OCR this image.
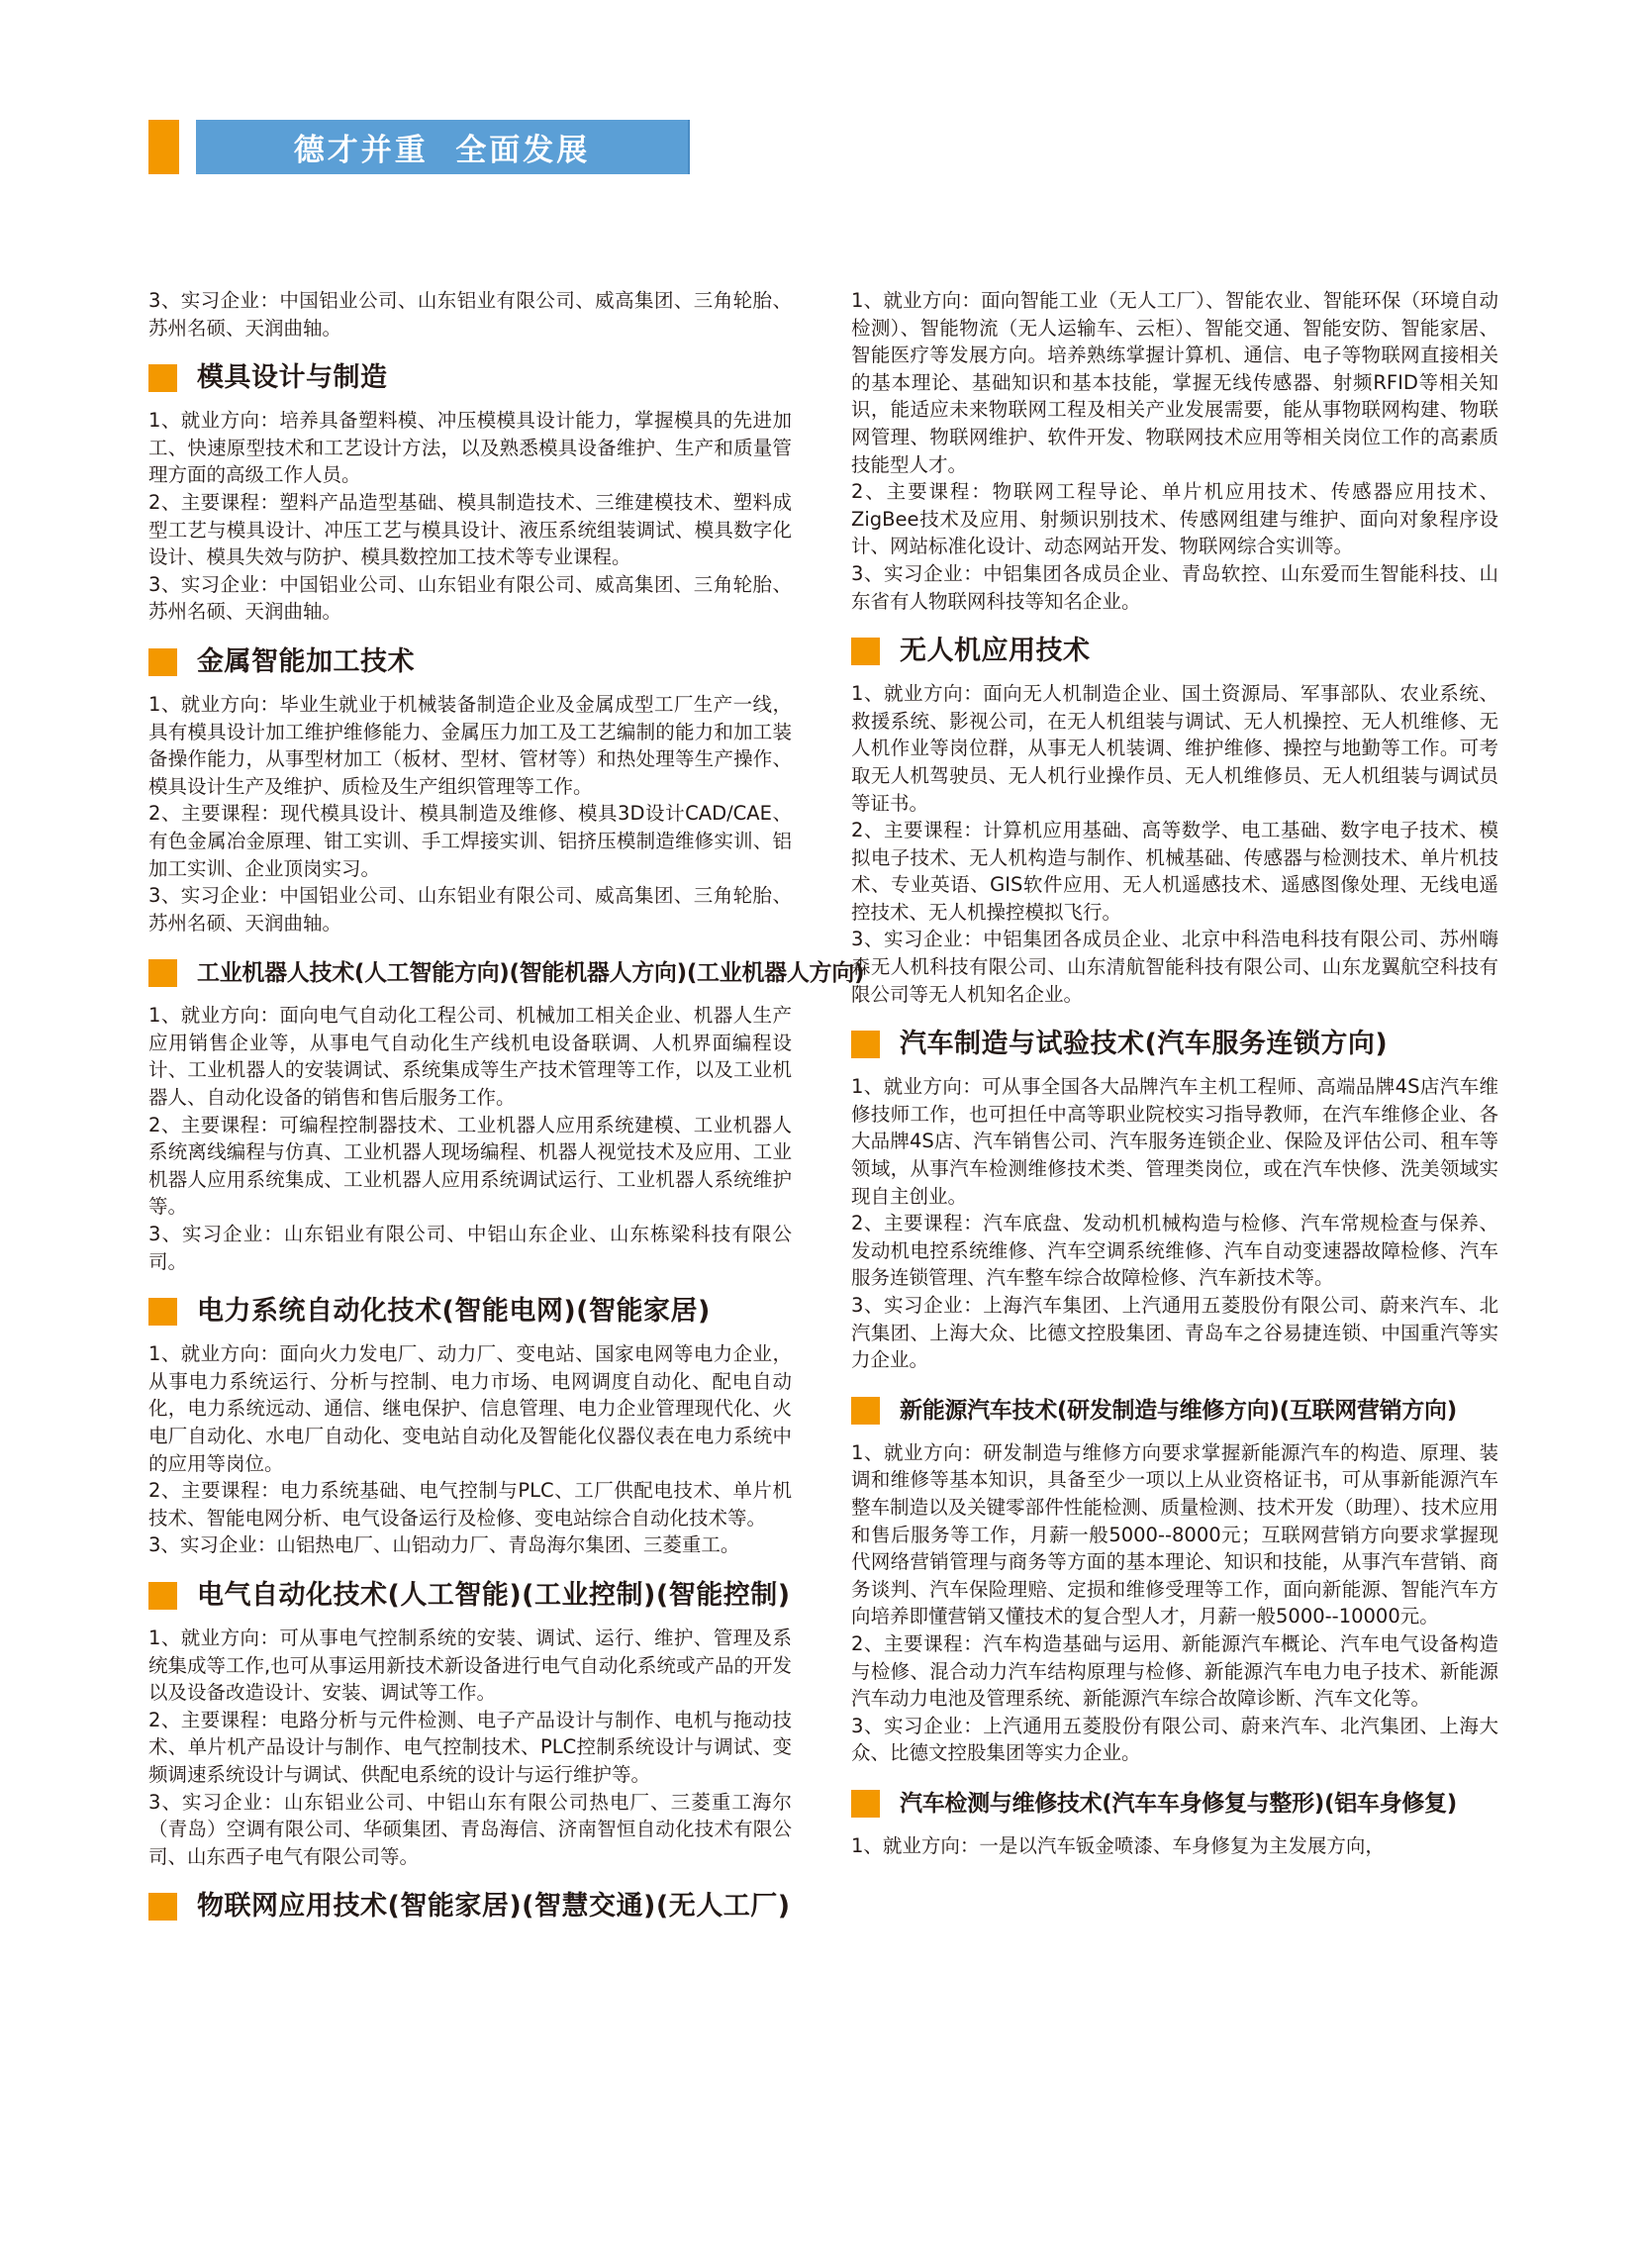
德才并重  全面发展

3、实习企业：中国铝业公司、山东铝业有限公司、威高集团、三角轮胎、苏州名硕、天润曲轴。

模具设计与制造

1、就业方向：培养具备塑料模、冲压模模具设计能力，掌握模具的先进加工、快速原型技术和工艺设计方法，以及熟悉模具设备维护、生产和质量管理方面的高级工作人员。

2、主要课程：塑料产品造型基础、模具制造技术、三维建模技术、塑料成型工艺与模具设计、冲压工艺与模具设计、液压系统组装调试、模具数字化设计、模具失效与防护、模具数控加工技术等专业课程。

3、实习企业：中国铝业公司、山东铝业有限公司、威高集团、三角轮胎、苏州名硕、天润曲轴。

金属智能加工技术

1、就业方向：毕业生就业于机械装备制造企业及金属成型工厂生产一线，具有模具设计加工维护维修能力、金属压力加工及工艺编制的能力和加工装备操作能力，从事型材加工（板材、型材、管材等）和热处理等生产操作、模具设计生产及维护、质检及生产组织管理等工作。

2、主要课程：现代模具设计、模具制造及维修、模具3D设计CAD/CAE、有色金属冶金原理、钳工实训、手工焊接实训、铝挤压模制造维修实训、铝加工实训、企业顶岗实习。

3、实习企业：中国铝业公司、山东铝业有限公司、威高集团、三角轮胎、苏州名硕、天润曲轴。

工业机器人技术(人工智能方向)(智能机器人方向)(工业机器人方向)

1、就业方向：面向电气自动化工程公司、机械加工相关企业、机器人生产应用销售企业等，从事电气自动化生产线机电设备联调、人机界面编程设计、工业机器人的安装调试、系统集成等生产技术管理等工作，以及工业机器人、自动化设备的销售和售后服务工作。

2、主要课程：可编程控制器技术、工业机器人应用系统建模、工业机器人系统离线编程与仿真、工业机器人现场编程、机器人视觉技术及应用、工业机器人应用系统集成、工业机器人应用系统调试运行、工业机器人系统维护等。

3、实习企业：山东铝业有限公司、中铝山东企业、山东栋梁科技有限公司。

电力系统自动化技术(智能电网)(智能家居)

1、就业方向：面向火力发电厂、动力厂、变电站、国家电网等电力企业，从事电力系统运行、分析与控制、电力市场、电网调度自动化、配电自动化，电力系统远动、通信、继电保护、信息管理、电力企业管理现代化、火电厂自动化、水电厂自动化、变电站自动化及智能化仪器仪表在电力系统中的应用等岗位。

2、主要课程：电力系统基础、电气控制与PLC、工厂供配电技术、单片机技术、智能电网分析、电气设备运行及检修、变电站综合自动化技术等。

3、实习企业：山铝热电厂、山铝动力厂、青岛海尔集团、三菱重工。

电气自动化技术(人工智能)(工业控制)(智能控制)

1、就业方向：可从事电气控制系统的安装、调试、运行、维护、管理及系统集成等工作,也可从事运用新技术新设备进行电气自动化系统或产品的开发以及设备改造设计、安装、调试等工作。

2、主要课程：电路分析与元件检测、电子产品设计与制作、电机与拖动技术、单片机产品设计与制作、电气控制技术、PLC控制系统设计与调试、变频调速系统设计与调试、供配电系统的设计与运行维护等。

3、实习企业：山东铝业公司、中铝山东有限公司热电厂、三菱重工海尔（青岛）空调有限公司、华硕集团、青岛海信、济南智恒自动化技术有限公司、山东西子电气有限公司等。

物联网应用技术(智能家居)(智慧交通)(无人工厂)

1、就业方向：面向智能工业（无人工厂）、智能农业、智能环保（环境自动检测）、智能物流（无人运输车、云柜）、智能交通、智能安防、智能家居、智能医疗等发展方向。培养熟练掌握计算机、通信、电子等物联网直接相关的基本理论、基础知识和基本技能，掌握无线传感器、射频RFID等相关知识，能适应未来物联网工程及相关产业发展需要，能从事物联网构建、物联网管理、物联网维护、软件开发、物联网技术应用等相关岗位工作的高素质技能型人才。

2、主要课程：物联网工程导论、单片机应用技术、传感器应用技术、ZigBee技术及应用、射频识别技术、传感网组建与维护、面向对象程序设计、网站标准化设计、动态网站开发、物联网综合实训等。

3、实习企业：中铝集团各成员企业、青岛软控、山东爱而生智能科技、山东省有人物联网科技等知名企业。

无人机应用技术

1、就业方向：面向无人机制造企业、国土资源局、军事部队、农业系统、救援系统、影视公司，在无人机组装与调试、无人机操控、无人机维修、无人机作业等岗位群，从事无人机装调、维护维修、操控与地勤等工作。可考取无人机驾驶员、无人机行业操作员、无人机维修员、无人机组装与调试员等证书。

2、主要课程：计算机应用基础、高等数学、电工基础、数字电子技术、模拟电子技术、无人机构造与制作、机械基础、传感器与检测技术、单片机技术、专业英语、GIS软件应用、无人机遥感技术、遥感图像处理、无线电遥控技术、无人机操控模拟飞行。

3、实习企业：中铝集团各成员企业、北京中科浩电科技有限公司、苏州嗨森无人机科技有限公司、山东清航智能科技有限公司、山东龙翼航空科技有限公司等无人机知名企业。

汽车制造与试验技术(汽车服务连锁方向)

1、就业方向：可从事全国各大品牌汽车主机工程师、高端品牌4S店汽车维修技师工作，也可担任中高等职业院校实习指导教师，在汽车维修企业、各大品牌4S店、汽车销售公司、汽车服务连锁企业、保险及评估公司、租车等领域，从事汽车检测维修技术类、管理类岗位，或在汽车快修、洗美领域实现自主创业。

2、主要课程：汽车底盘、发动机机械构造与检修、汽车常规检查与保养、发动机电控系统维修、汽车空调系统维修、汽车自动变速器故障检修、汽车服务连锁管理、汽车整车综合故障检修、汽车新技术等。

3、实习企业：上海汽车集团、上汽通用五菱股份有限公司、蔚来汽车、北汽集团、上海大众、比德文控股集团、青岛车之谷易捷连锁、中国重汽等实力企业。

新能源汽车技术(研发制造与维修方向)(互联网营销方向)

1、就业方向：研发制造与维修方向要求掌握新能源汽车的构造、原理、装调和维修等基本知识，具备至少一项以上从业资格证书，可从事新能源汽车整车制造以及关键零部件性能检测、质量检测、技术开发（助理）、技术应用和售后服务等工作，月薪一般5000--8000元；互联网营销方向要求掌握现代网络营销管理与商务等方面的基本理论、知识和技能，从事汽车营销、商务谈判、汽车保险理赔、定损和维修受理等工作，面向新能源、智能汽车方向培养即懂营销又懂技术的复合型人才，月薪一般5000--10000元。

2、主要课程：汽车构造基础与运用、新能源汽车概论、汽车电气设备构造与检修、混合动力汽车结构原理与检修、新能源汽车电力电子技术、新能源汽车动力电池及管理系统、新能源汽车综合故障诊断、汽车文化等。

3、实习企业：上汽通用五菱股份有限公司、蔚来汽车、北汽集团、上海大众、比德文控股集团等实力企业。

汽车检测与维修技术(汽车车身修复与整形)(铝车身修复)

1、就业方向：一是以汽车钣金喷漆、车身修复为主发展方向，
